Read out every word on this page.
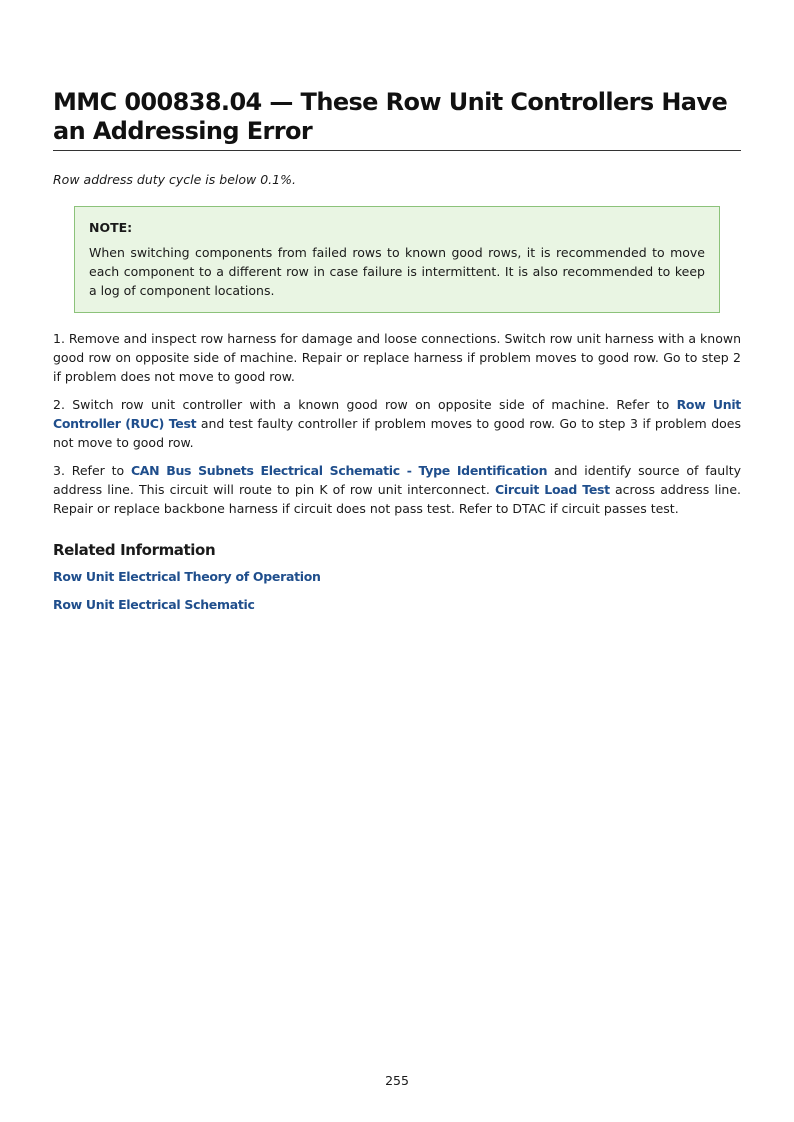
MMC 000838.04 — These Row Unit Controllers Have an Addressing Error

Row address duty cycle is below 0.1%.

NOTE:

When switching components from failed rows to known good rows, it is recommended to move each component to a different row in case failure is intermittent. It is also recommended to keep a log of component locations.

1. Remove and inspect row harness for damage and loose connections. Switch row unit harness with a known good row on opposite side of machine. Repair or replace harness if problem moves to good row. Go to step 2 if problem does not move to good row.

2. Switch row unit controller with a known good row on opposite side of machine. Refer to Row Unit Controller (RUC) Test and test faulty controller if problem moves to good row. Go to step 3 if problem does not move to good row.

3. Refer to CAN Bus Subnets Electrical Schematic - Type Identification and identify source of faulty address line. This circuit will route to pin K of row unit interconnect. Circuit Load Test across address line. Repair or replace backbone harness if circuit does not pass test. Refer to DTAC if circuit passes test.

Related Information
Row Unit Electrical Theory of Operation
Row Unit Electrical Schematic
255
